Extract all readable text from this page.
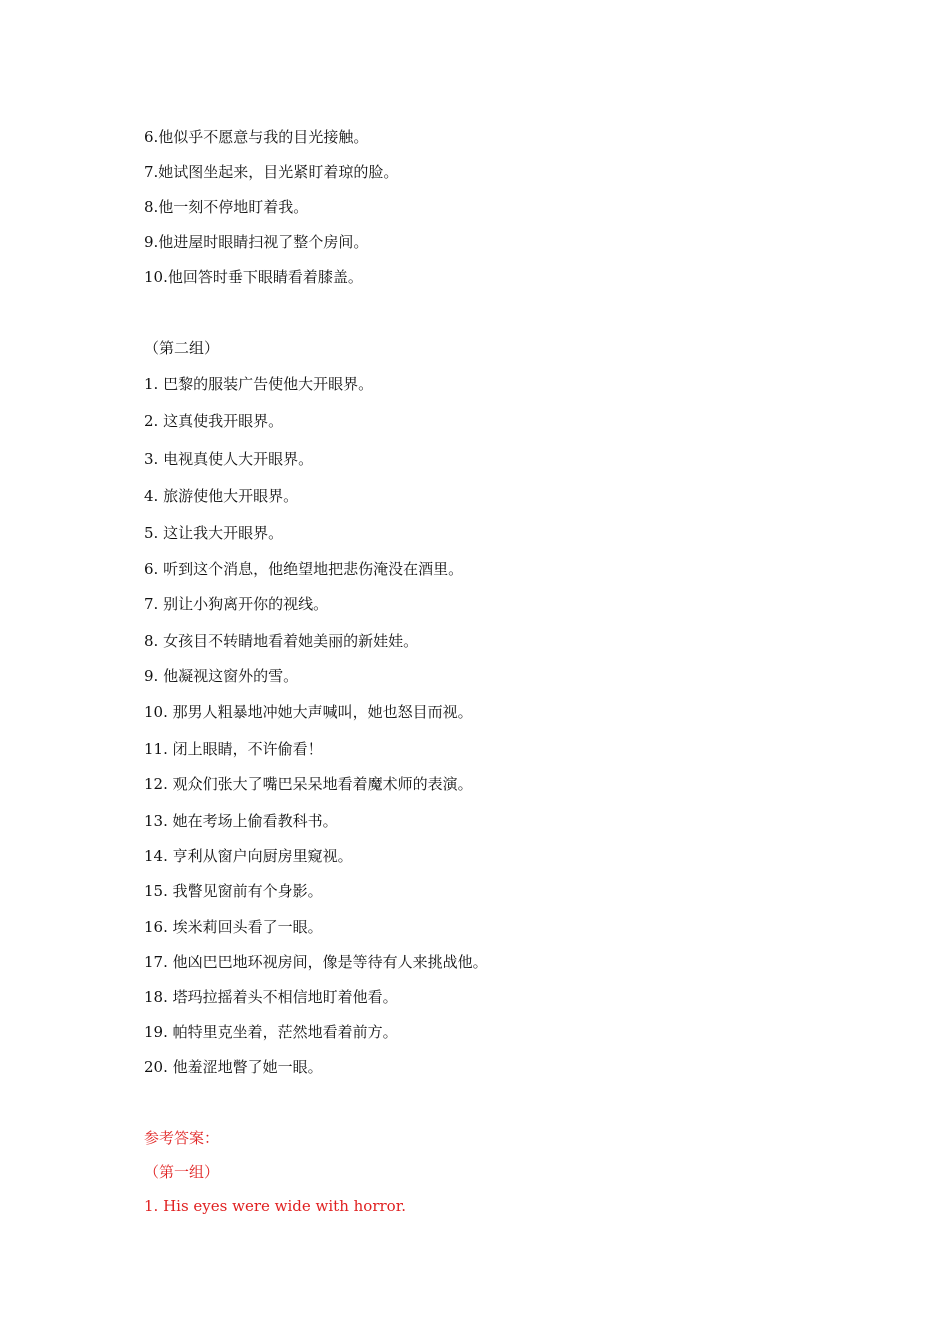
6.他似乎不愿意与我的目光接触。
7.她试图坐起来，目光紧盯着琼的脸。
8.他一刻不停地盯着我。
9.他进屋时眼睛扫视了整个房间。
10.他回答时垂下眼睛看着膝盖。
（第二组）
1. 巴黎的服装广告使他大开眼界。
2. 这真使我开眼界。
3. 电视真使人大开眼界。
4. 旅游使他大开眼界。
5. 这让我大开眼界。
6. 听到这个消息，他绝望地把悲伤淹没在酒里。
7. 别让小狗离开你的视线。
8. 女孩目不转睛地看着她美丽的新娃娃。
9. 他凝视这窗外的雪。
10. 那男人粗暴地冲她大声喊叫，她也怒目而视。
11. 闭上眼睛，不许偷看！
12. 观众们张大了嘴巴呆呆地看着魔术师的表演。
13. 她在考场上偷看教科书。
14. 亨利从窗户向厨房里窥视。
15. 我瞥见窗前有个身影。
16. 埃米莉回头看了一眼。
17. 他凶巴巴地环视房间，像是等待有人来挑战他。
18. 塔玛拉摇着头不相信地盯着他看。
19. 帕特里克坐着，茫然地看着前方。
20. 他羞涩地瞥了她一眼。
参考答案：
（第一组）
1. His eyes were wide with horror.
